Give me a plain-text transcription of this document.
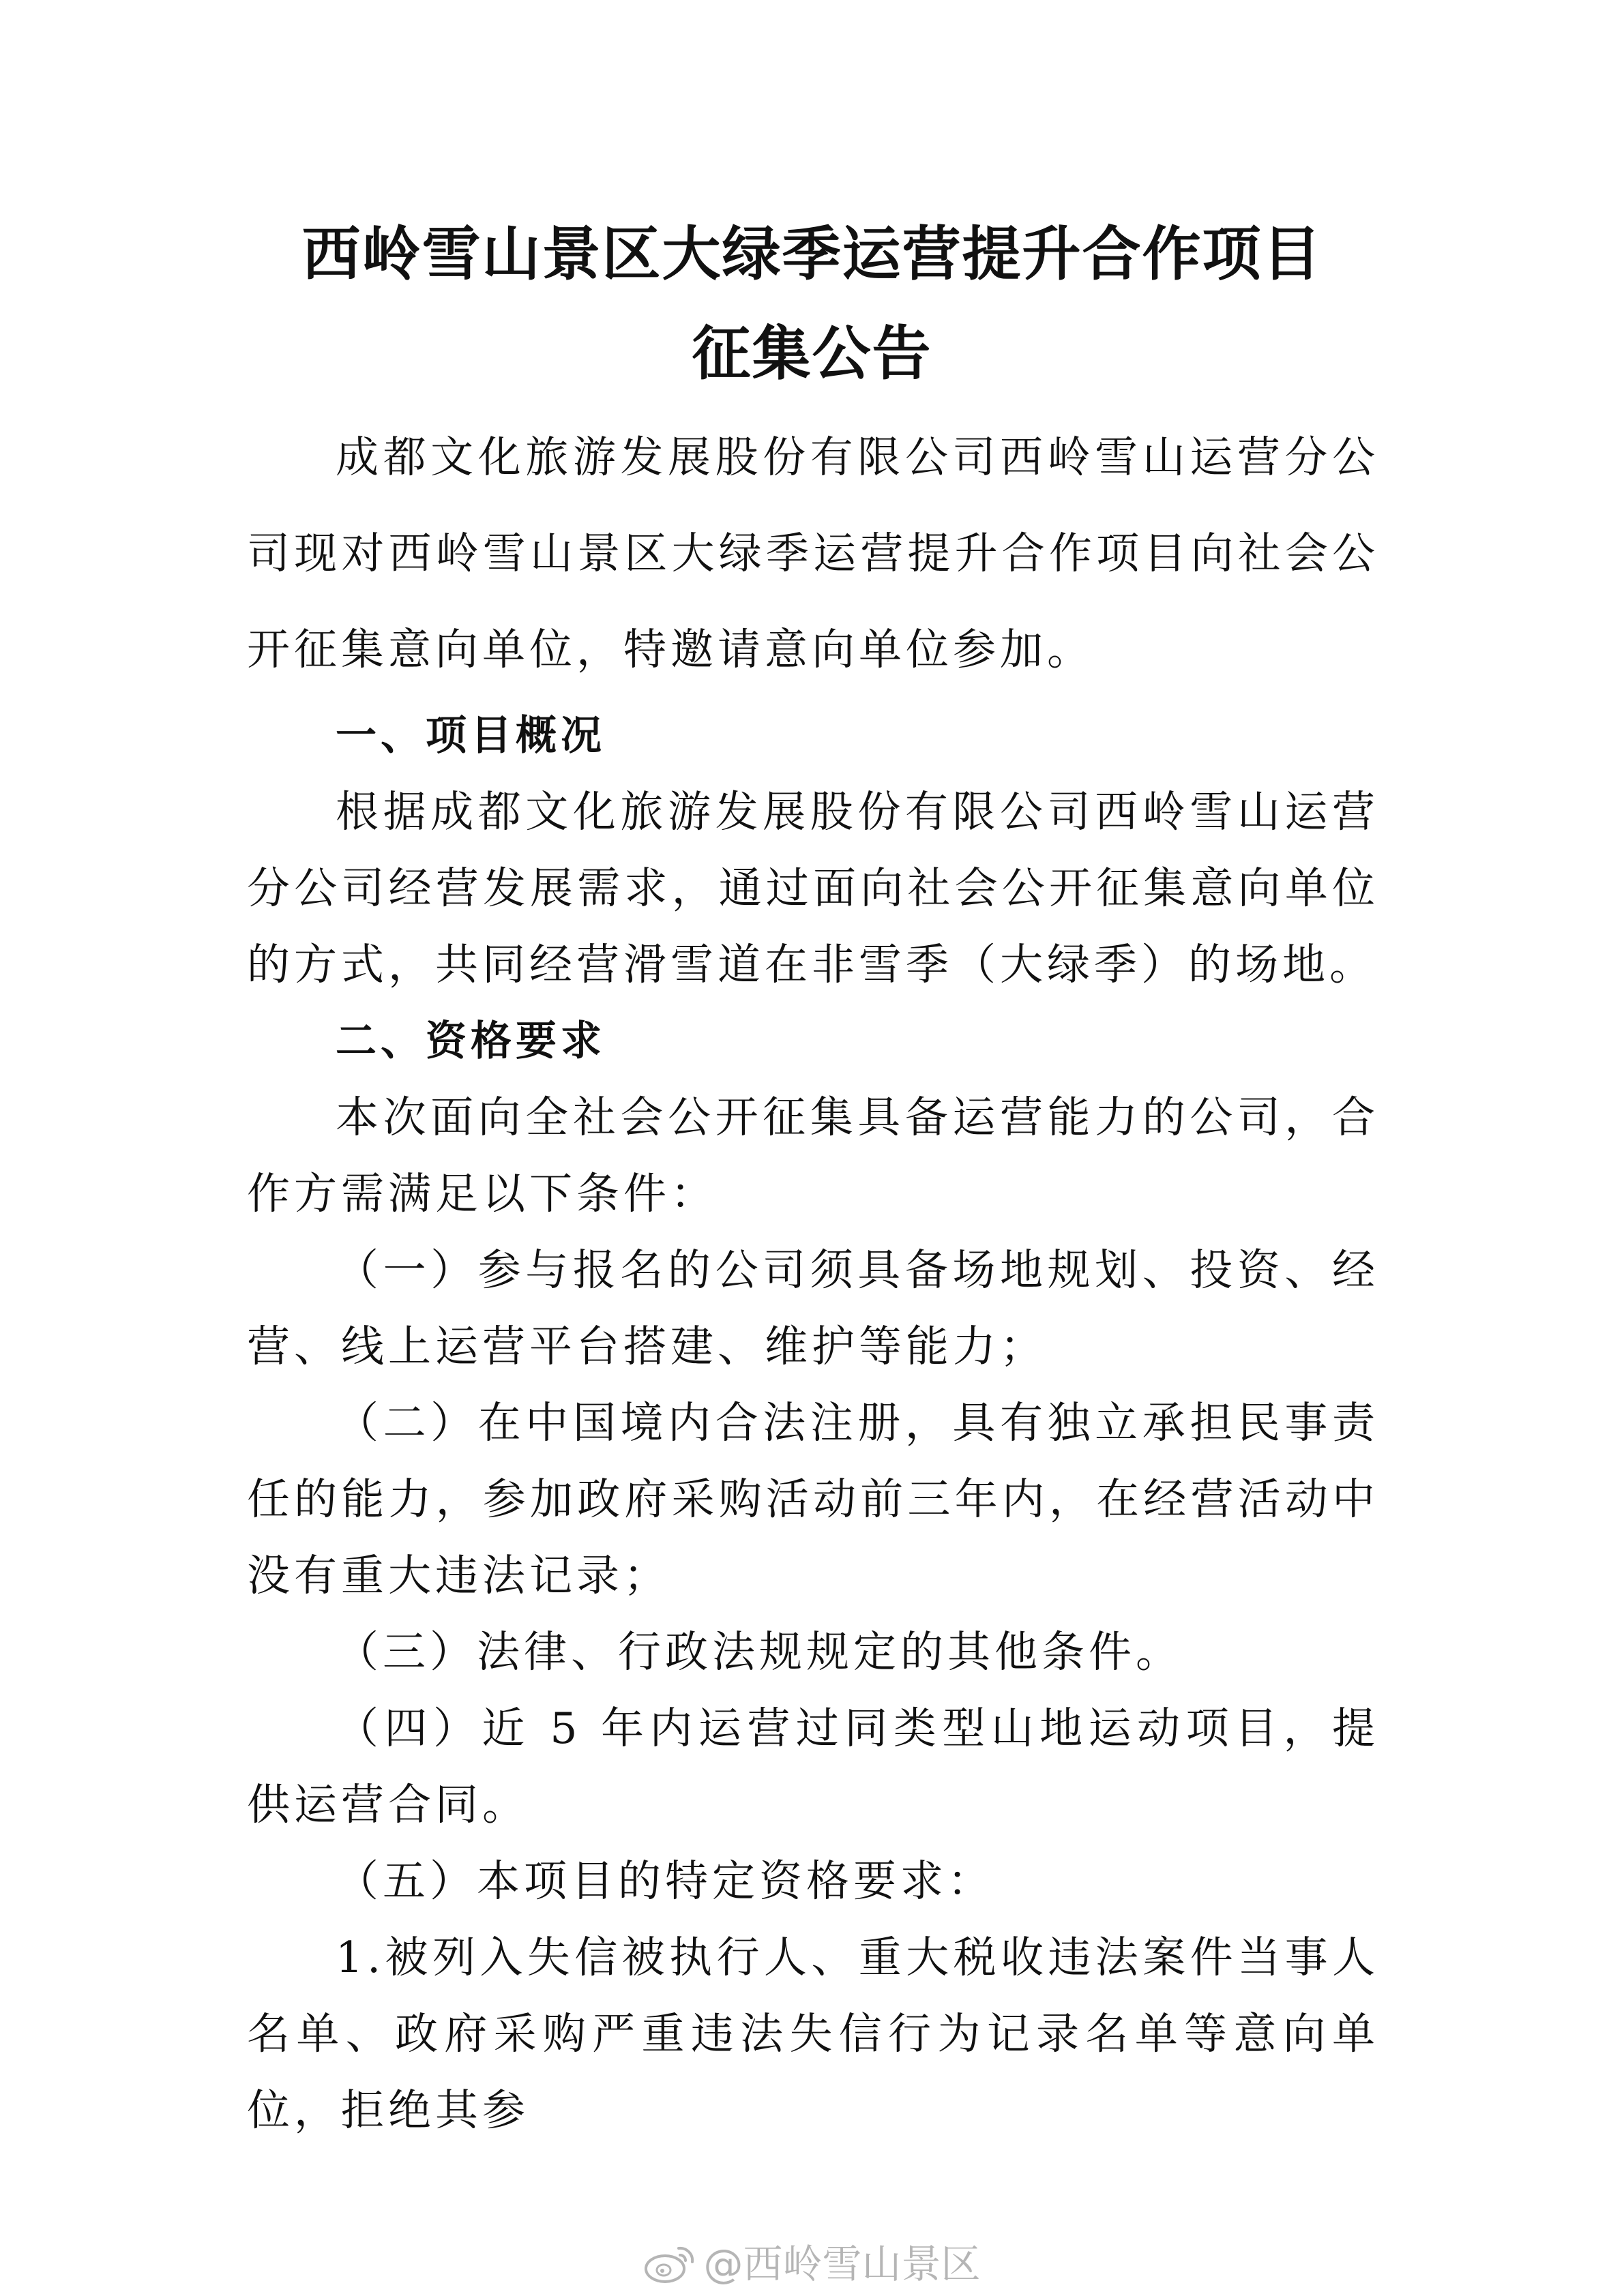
西岭雪山景区大绿季运营提升合作项目
征集公告

成都文化旅游发展股份有限公司西岭雪山运营分公司现对西岭雪山景区大绿季运营提升合作项目向社会公开征集意向单位，特邀请意向单位参加。

一、项目概况

根据成都文化旅游发展股份有限公司西岭雪山运营分公司经营发展需求，通过面向社会公开征集意向单位的方式，共同经营滑雪道在非雪季（大绿季）的场地。

二、资格要求

本次面向全社会公开征集具备运营能力的公司，合作方需满足以下条件：

（一）参与报名的公司须具备场地规划、投资、经营、线上运营平台搭建、维护等能力；

（二）在中国境内合法注册，具有独立承担民事责任的能力，参加政府采购活动前三年内，在经营活动中没有重大违法记录；

（三）法律、行政法规规定的其他条件。

（四）近 5 年内运营过同类型山地运动项目，提供运营合同。

（五）本项目的特定资格要求：

1.被列入失信被执行人、重大税收违法案件当事人名单、政府采购严重违法失信行为记录名单等意向单位，拒绝其参

@西岭雪山景区
